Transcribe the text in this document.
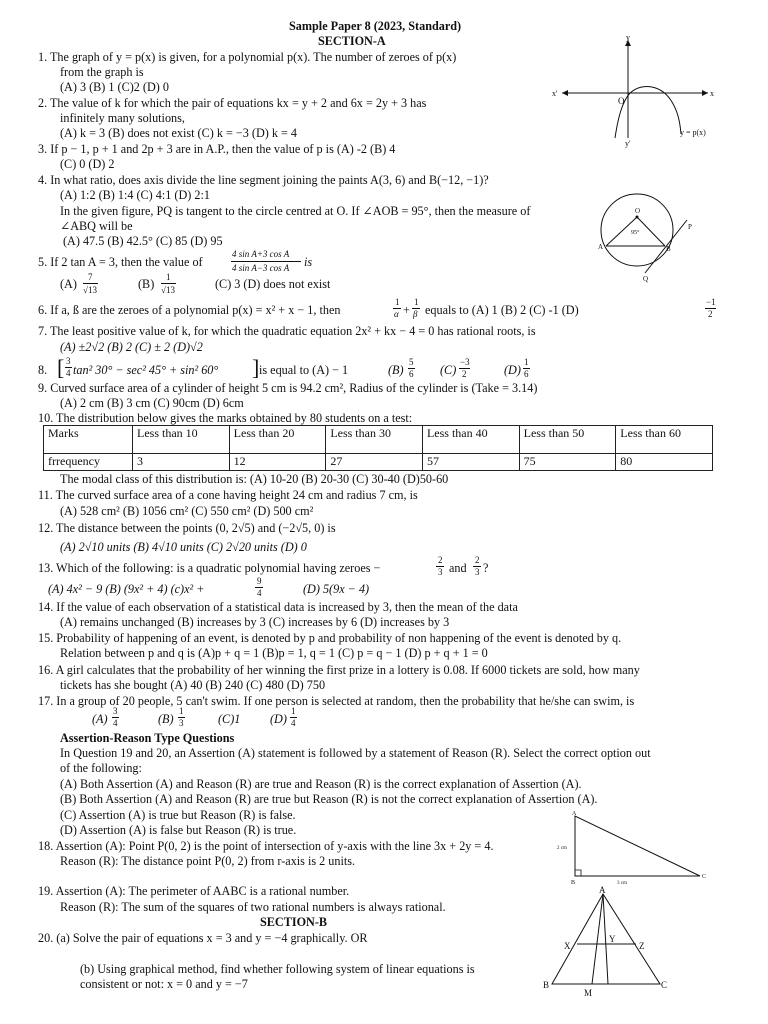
Sample Paper 8 (2023, Standard)
SECTION-A
1. The graph of y = p(x) is given, for a polynomial p(x). The number of zeroes of p(x)
from the graph is
(A) 3 (B) 1 (C)2 (D) 0
2. The value of k for which the pair of equations kx = y + 2 and 6x = 2y + 3 has
infinitely many solutions,
(A) k = 3 (B) does not exist (C) k = −3 (D) k = 4
3. If p − 1, p + 1 and 2p + 3 are in A.P., then the value of p is (A) -2 (B) 4
(C) 0 (D) 2
4. In what ratio, does axis divide the line segment joining the paints A(3, 6) and B(−12, −1)?
(A) 1:2 (B) 1:4 (C) 4:1 (D) 2:1
In the given figure, PQ is tangent to the circle centred at O. If ∠AOB = 95°, then the measure of
∠ABQ will be
(A) 47.5 (B) 42.5° (C) 85 (D) 95
5. If 2 tan A = 3, then the value of
4 sin A+3 cos A
4 sin A−3 cos A is
(A) 7
√13	(B) 1
√13	(C) 3 (D) does not exist
6. If a, ß are the zeroes of a polynomial p(x) = x² + x − 1, then
1
α +
1
β equals to (A) 1 (B) 2 (C) -1 (D)
−1
2
7. The least positive value of k, for which the quadratic equation 2x² + kx − 4 = 0 has rational roots, is
(A) ±2√2 (B) 2 (C) ± 2 (D)√2
8. [ 3
4 tan² 30° − sec² 45° + sin² 60° ] is equal to (A) − 1	(B)
5
6 (C)
−3
2	(D)
1
6
9. Curved surface area of a cylinder of height 5 cm is 94.2 cm², Radius of the cylinder is (Take = 3.14)
(A) 2 cm (B) 3 cm (C) 90cm (D) 6cm
10. The distribution below gives the marks obtained by 80 students on a test:
Marks	Less than 10	Less than 20	Less than 30	Less than 40	Less than 50	Less than 60
frrequency	3	12	27	57	75	80
The modal class of this distribution is: (A) 10-20 (B) 20-30 (C) 30-40 (D)50-60
11. The curved surface area of a cone having height 24 cm and radius 7 cm, is
(A) 528 cm² (B) 1056 cm² (C) 550 cm² (D) 500 cm²
12. The distance between the points (0, 2√5) and (−2√5, 0) is
(A) 2√10 units (B) 4√10 units (C) 2√20 units (D) 0
13. Which of the following: is a quadratic polynomial having zeroes −
2
3 and
2
3 ?
(A) 4x² − 9 (B) (9x² + 4) (c)x² +
9
4	(D) 5(9x − 4)
14. If the value of each observation of a statistical data is increased by 3, then the mean of the data
(A) remains unchanged (B) increases by 3 (C) increases by 6 (D) increases by 3
15. Probability of happening of an event, is denoted by p and probability of non happening of the event is denoted by q.
Relation between p and q is (A)p + q = 1 (B)p = 1, q = 1 (C) p = q − 1 (D) p + q + 1 = 0
16. A girl calculates that the probability of her winning the first prize in a lottery is 0.08. If 6000 tickets are sold, how many
tickets has she bought (A) 40 (B) 240 (C) 480 (D) 750
17. In a group of 20 people, 5 can't swim. If one person is selected at random, then the probability that he/she can swim, is
(A)
3
4	(B)
1
3	(C)1 (D)
1
4
Assertion-Reason Type Questions
In Question 19 and 20, an Assertion (A) statement is followed by a statement of Reason (R). Select the correct option out
of the following:
(A) Both Assertion (A) and Reason (R) are true and Reason (R) is the correct explanation of Assertion (A).
(B) Both Assertion (A) and Reason (R) are true but Reason (R) is not the correct explanation of Assertion (A).
(C) Assertion (A) is true but Reason (R) is false.
(D) Assertion (A) is false but Reason (R) is true.
18. Assertion (A): Point P(0, 2) is the point of intersection of y-axis with the line 3x + 2y = 4.
Reason (R): The distance point P(0, 2) from r-axis is 2 units.
19. Assertion (A): The perimeter of AABC is a rational number.
Reason (R): The sum of the squares of two rational numbers is always rational.
SECTION-B
20. (a) Solve the pair of equations x = 3 and y = −4 graphically. OR
(b) Using graphical method, find whether following system of linear equations is
consistent or not: x = 0 and y = −7
y
x
x'
y'
O
y = p(x)
O
95°
A	B
P
Q
A
B
C
2 cm
3 cm
A
B	C
X
Y
Z
M
